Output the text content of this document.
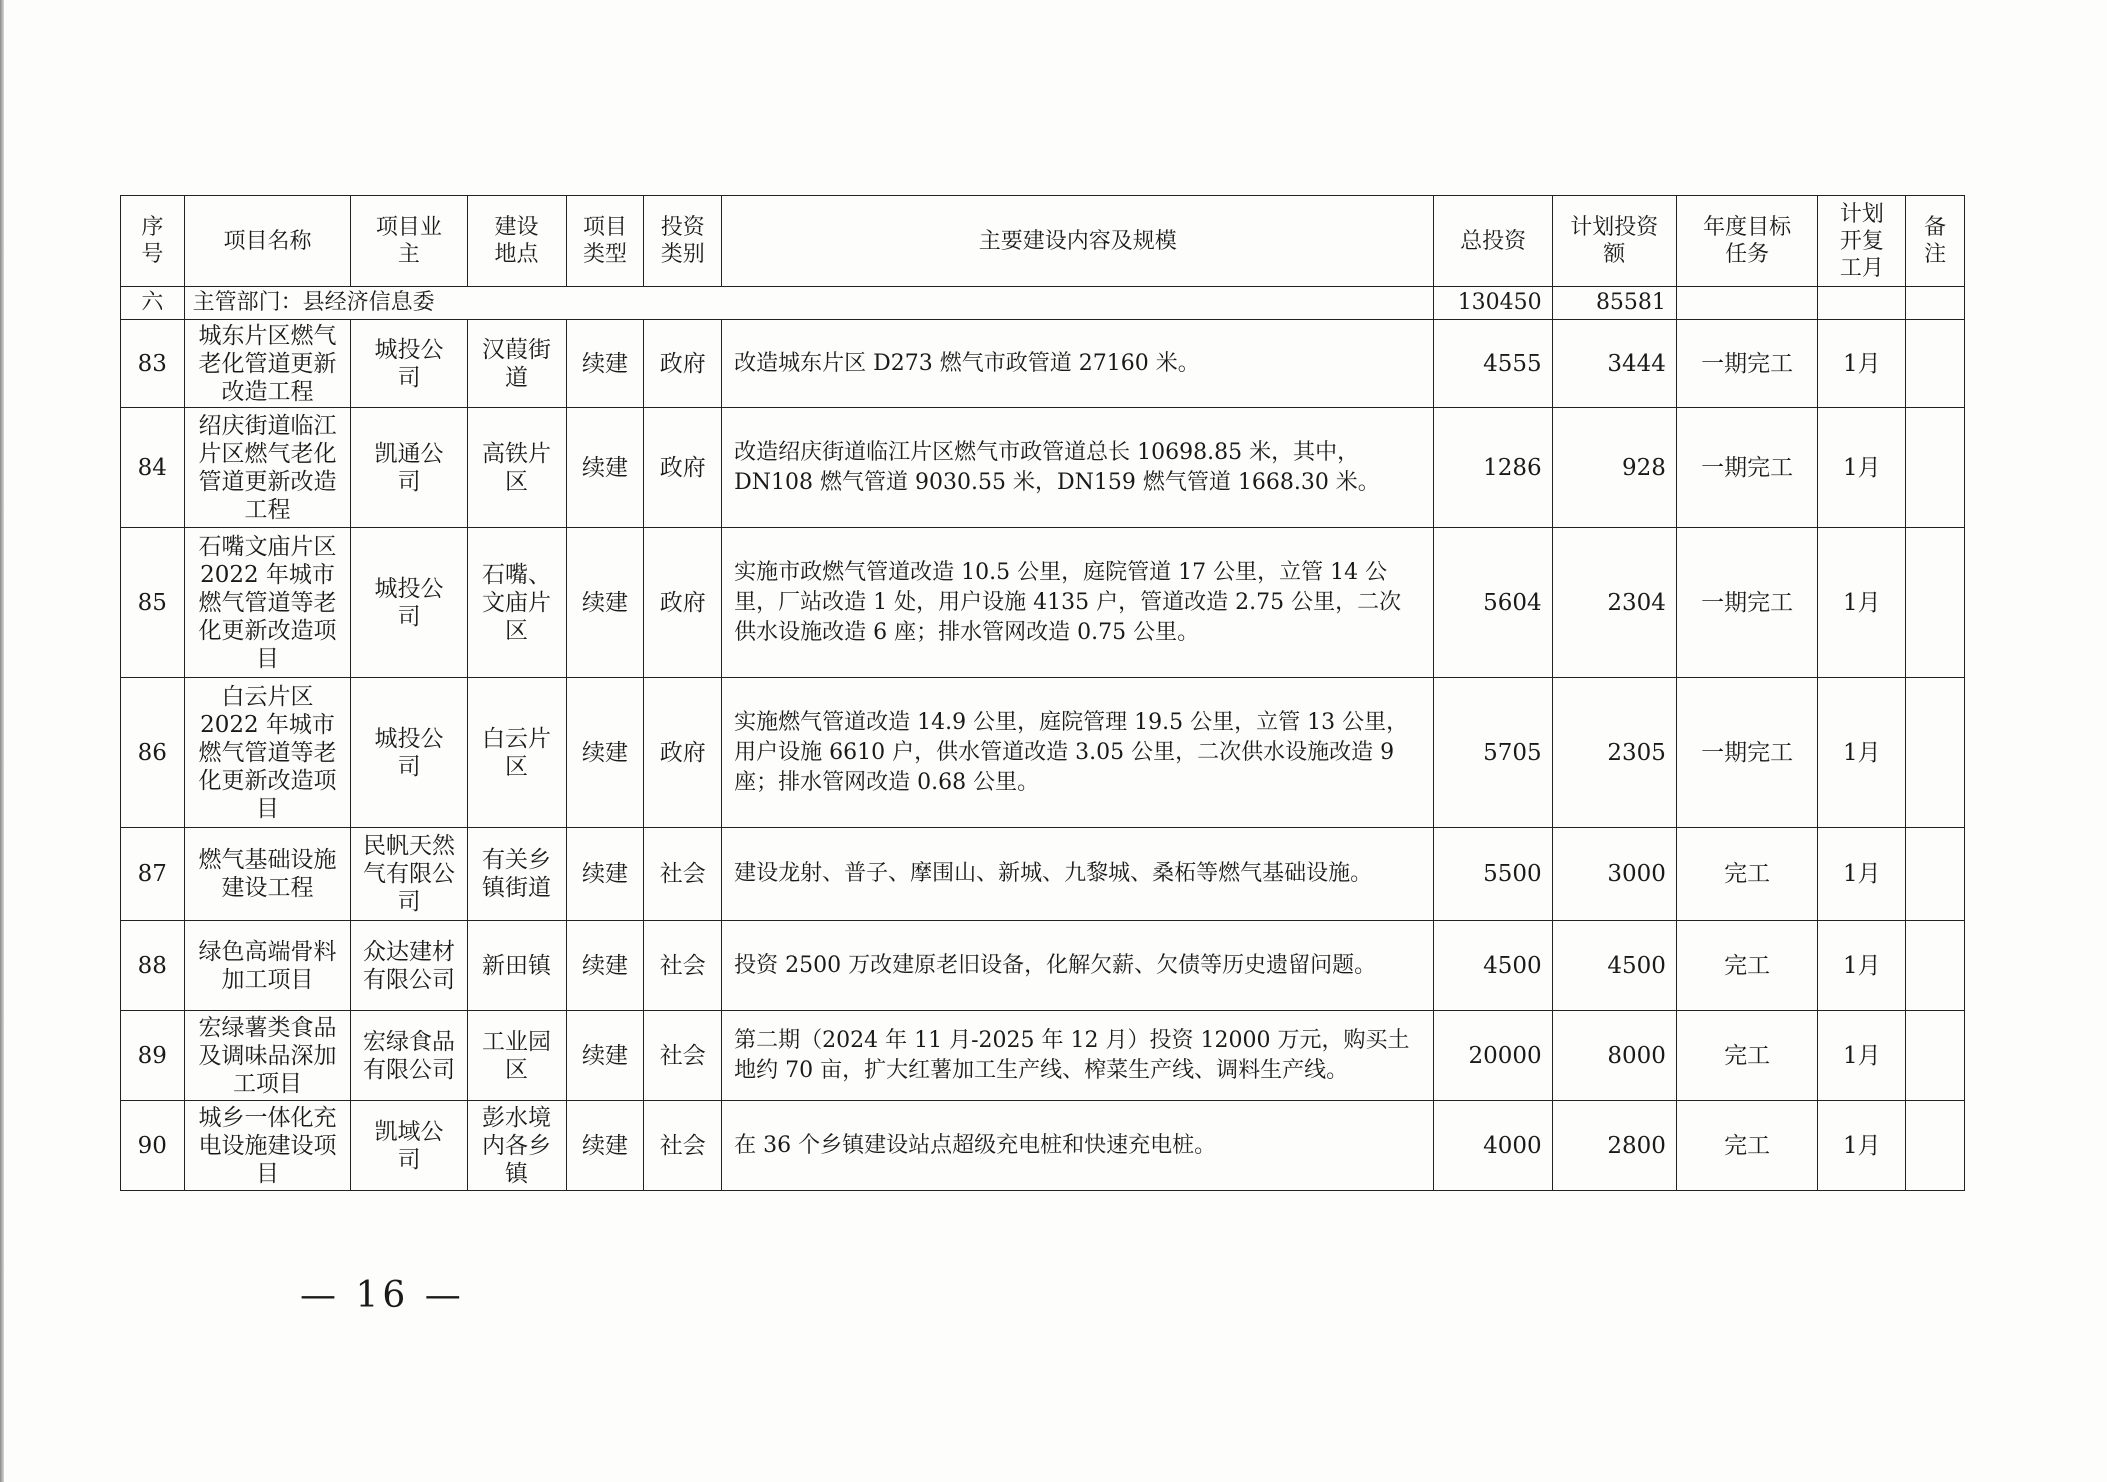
序号	项目名称	项目业主	建设地点	项目类型	投资类别	主要建设内容及规模	总投资	计划投资额	年度目标任务	计划开复工月	备注
六	主管部门：县经济信息委						130450	85581			
83	城东片区燃气老化管道更新改造工程	城投公司	汉葭街道	续建	政府	改造城东片区 D273 燃气市政管道 27160 米。	4555	3444	一期完工	1月	
84	绍庆街道临江片区燃气老化管道更新改造工程	凯通公司	高铁片区	续建	政府	改造绍庆街道临江片区燃气市政管道总长 10698.85 米，其中，DN108 燃气管道 9030.55 米，DN159 燃气管道 1668.30 米。	1286	928	一期完工	1月	
85	石嘴文庙片区 2022 年城市燃气管道等老化更新改造项目	城投公司	石嘴、文庙片区	续建	政府	实施市政燃气管道改造 10.5 公里，庭院管道 17 公里，立管 14 公里，厂站改造 1 处，用户设施 4135 户，管道改造 2.75 公里，二次供水设施改造 6 座；排水管网改造 0.75 公里。	5604	2304	一期完工	1月	
86	白云片区 2022 年城市燃气管道等老化更新改造项目	城投公司	白云片区	续建	政府	实施燃气管道改造 14.9 公里，庭院管理 19.5 公里，立管 13 公里，用户设施 6610 户，供水管道改造 3.05 公里，二次供水设施改造 9 座；排水管网改造 0.68 公里。	5705	2305	一期完工	1月	
87	燃气基础设施建设工程	民帆天然气有限公司	有关乡镇街道	续建	社会	建设龙射、普子、摩围山、新城、九黎城、桑柘等燃气基础设施。	5500	3000	完工	1月	
88	绿色高端骨料加工项目	众达建材有限公司	新田镇	续建	社会	投资 2500 万改建原老旧设备，化解欠薪、欠债等历史遗留问题。	4500	4500	完工	1月	
89	宏绿薯类食品及调味品深加工项目	宏绿食品有限公司	工业园区	续建	社会	第二期（2024 年 11 月-2025 年 12 月）投资 12000 万元，购买土地约 70 亩，扩大红薯加工生产线、榨菜生产线、调料生产线。	20000	8000	完工	1月	
90	城乡一体化充电设施建设项目	凯域公司	彭水境内各乡镇	续建	社会	在 36 个乡镇建设站点超级充电桩和快速充电桩。	4000	2800	完工	1月	
— 16 —
